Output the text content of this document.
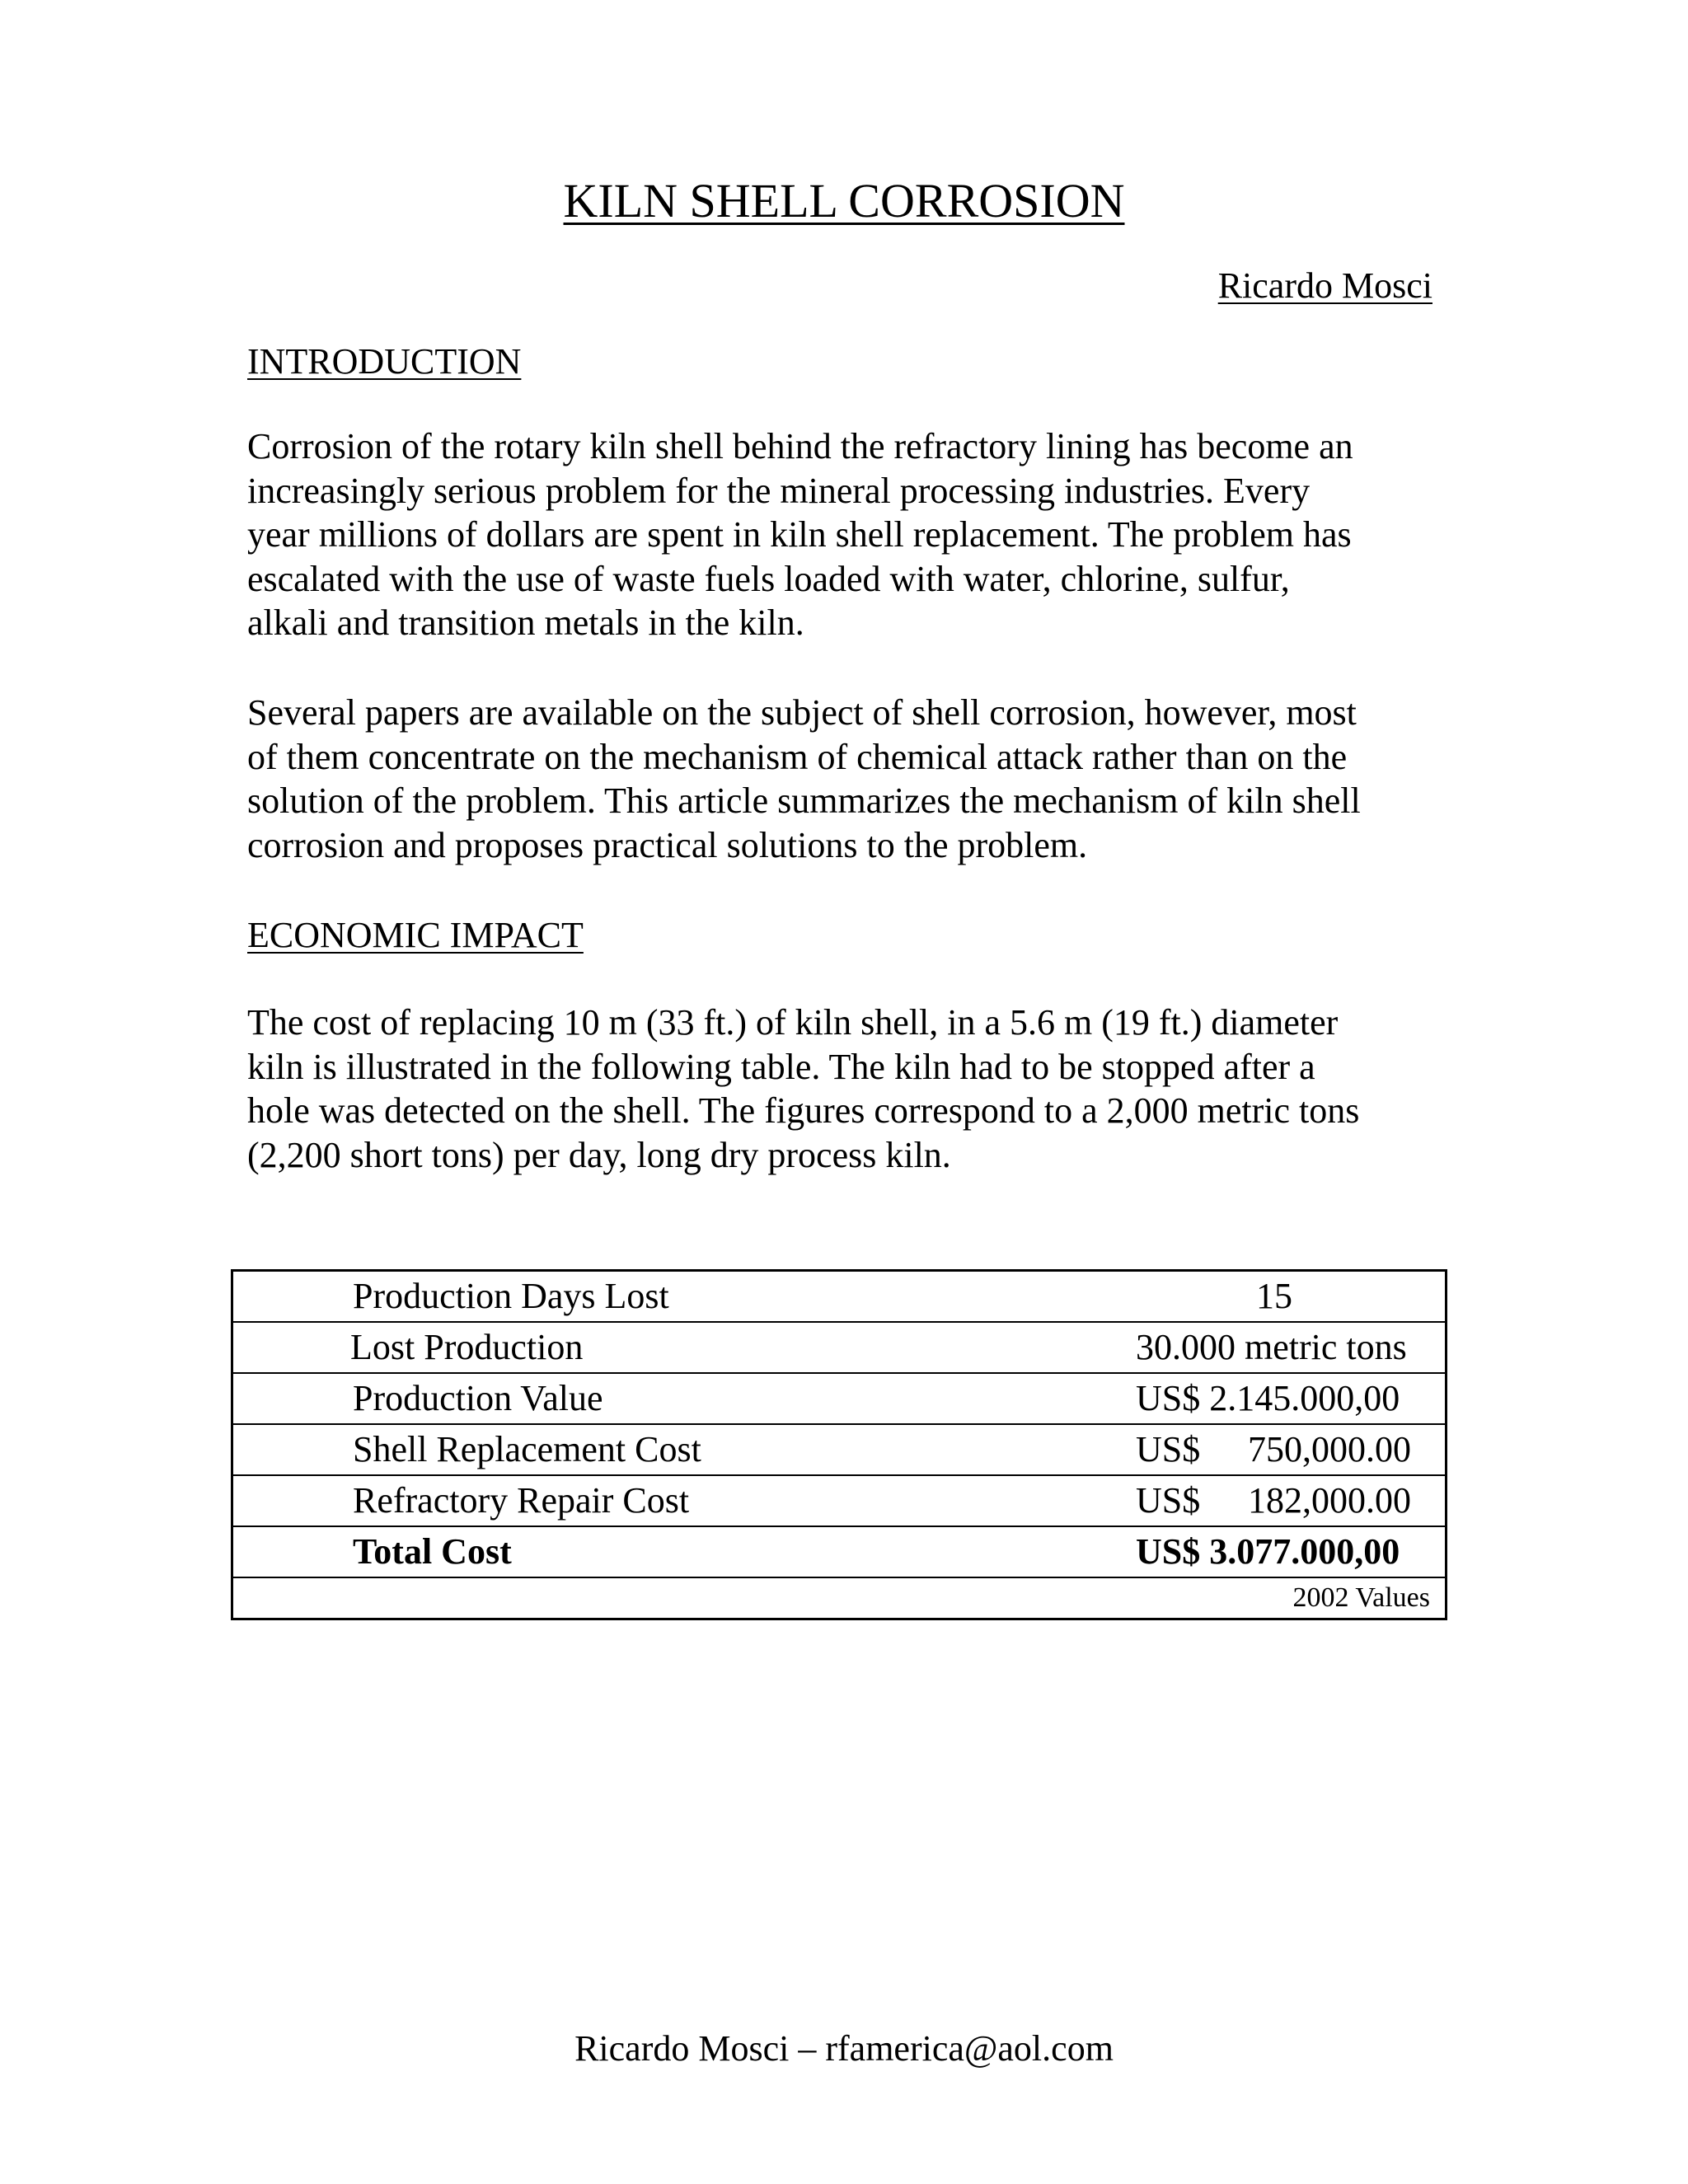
KILN SHELL CORROSION
Ricardo Mosci
INTRODUCTION

Corrosion of the rotary kiln shell behind the refractory lining has become an
increasingly serious problem for the mineral processing industries. Every
year millions of dollars are spent in kiln shell replacement. The problem has
escalated with the use of waste fuels loaded with water, chlorine, sulfur,
alkali and transition metals in the kiln.

Several papers are available on the subject of shell corrosion, however, most
of them concentrate on the mechanism of chemical attack rather than on the
solution of the problem. This article summarizes the mechanism of kiln shell
corrosion and proposes practical solutions to the problem.

ECONOMIC IMPACT

The cost of replacing 10 m (33 ft.) of kiln shell, in a 5.6 m (19 ft.) diameter
kiln is illustrated in the following table. The kiln had to be stopped after a
hole was detected on the shell. The figures correspond to a 2,000 metric tons
(2,200 short tons) per day, long dry process kiln.

Production Days Lost	15
Lost Production	30.000 metric tons
Production Value	US$ 2.145.000,00
Shell Replacement Cost	US$ 750,000.00
Refractory Repair Cost	US$ 182,000.00
Total Cost	US$ 3.077.000,00
2002 Values	
Ricardo Mosci – rfamerica@aol.com
